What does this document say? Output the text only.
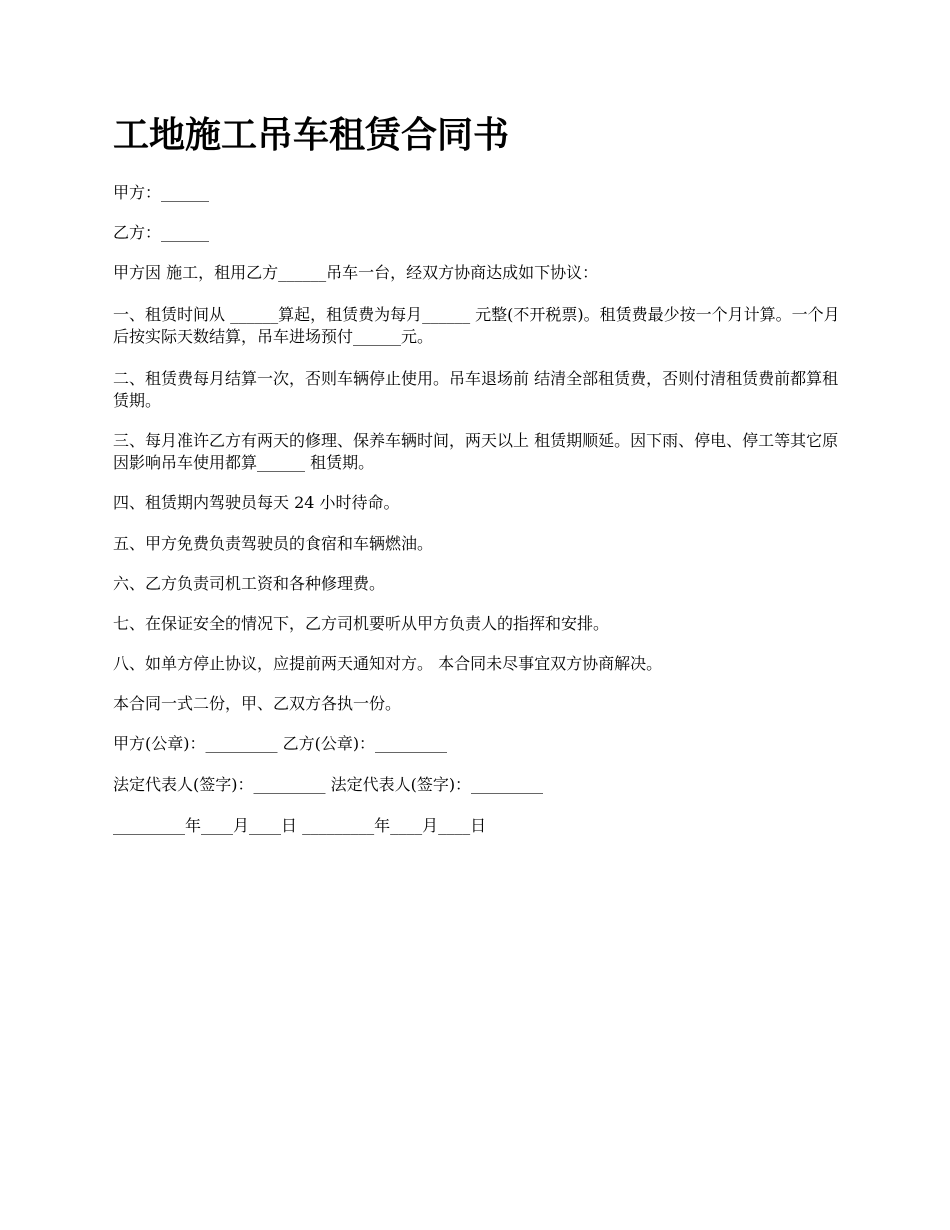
工地施工吊车租赁合同书

甲方：______

乙方：______

甲方因 施工，租用乙方______吊车一台，经双方协商达成如下协议：

一、租赁时间从 ______算起，租赁费为每月______ 元整(不开税票)。租赁费最少按一个月计算。一个月后按实际天数结算，吊车进场预付______元。

二、租赁费每月结算一次，否则车辆停止使用。吊车退场前 结清全部租赁费，否则付清租赁费前都算租赁期。

三、每月准许乙方有两天的修理、保养车辆时间，两天以上 租赁期顺延。因下雨、停电、停工等其它原因影响吊车使用都算______ 租赁期。

四、租赁期内驾驶员每天 24 小时待命。

五、甲方免费负责驾驶员的食宿和车辆燃油。

六、乙方负责司机工资和各种修理费。

七、在保证安全的情况下，乙方司机要听从甲方负责人的指挥和安排。

八、如单方停止协议，应提前两天通知对方。 本合同未尽事宜双方协商解决。

本合同一式二份，甲、乙双方各执一份。

甲方(公章)：_________ 乙方(公章)：_________

法定代表人(签字)：_________ 法定代表人(签字)：_________

_________年____月____日 _________年____月____日
